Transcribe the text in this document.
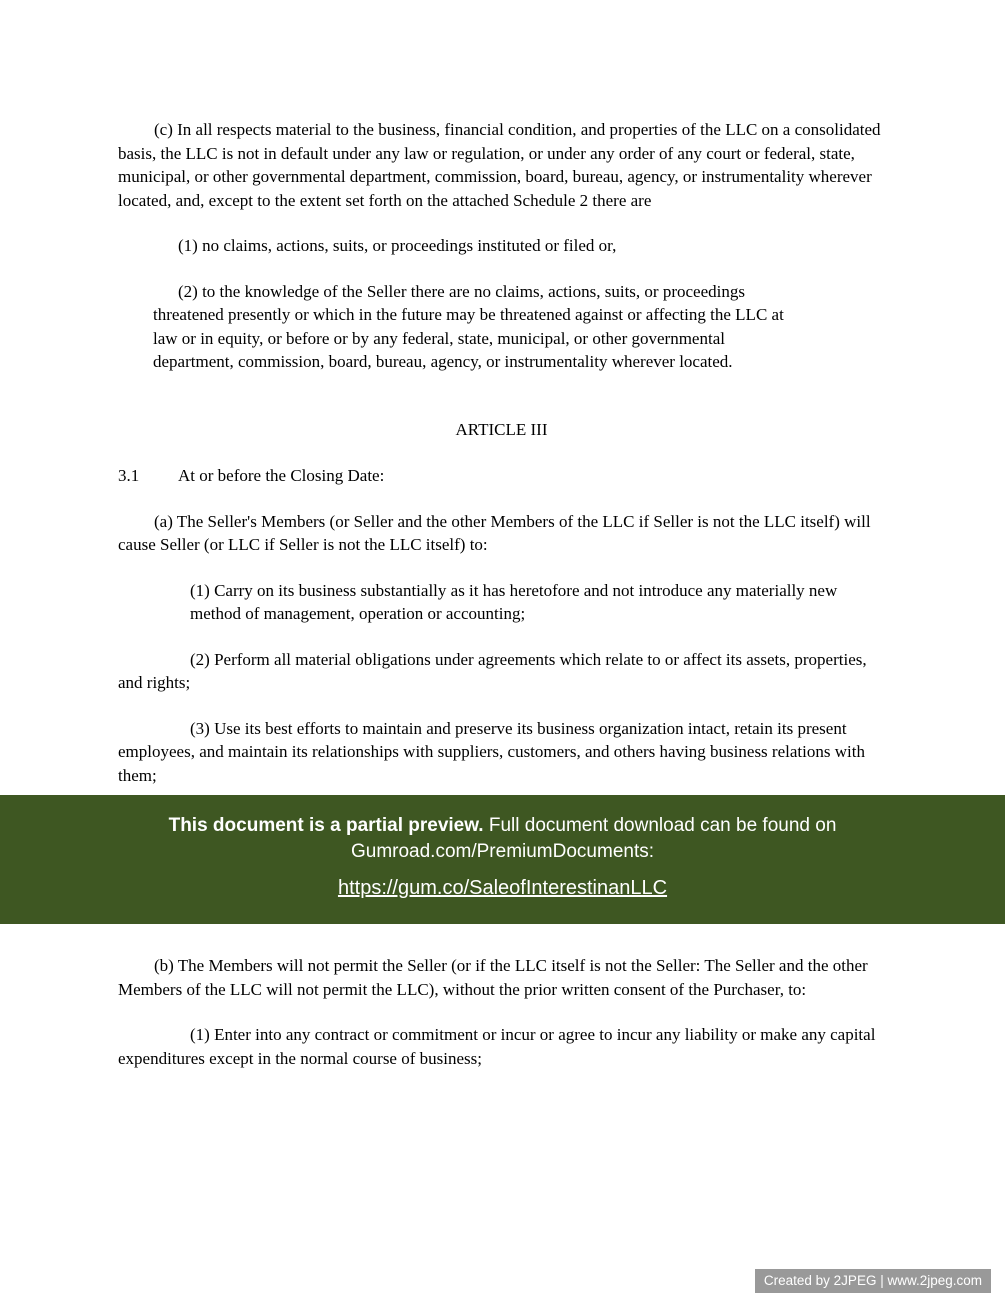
(c) In all respects material to the business, financial condition, and properties of the LLC on a consolidated basis, the LLC is not in default under any law or regulation, or under any order of any court or federal, state, municipal, or other governmental department, commission, board, bureau, agency, or instrumentality wherever located, and, except to the extent set forth on the attached Schedule 2 there are

(1) no claims, actions, suits, or proceedings instituted or filed or,

(2) to the knowledge of the Seller there are no claims, actions, suits, or proceedings threatened presently or which in the future may be threatened against or affecting the LLC at law or in equity, or before or by any federal, state, municipal, or other governmental department, commission, board, bureau, agency, or instrumentality wherever located.

ARTICLE III

3.1 At or before the Closing Date:

(a) The Seller's Members (or Seller and the other Members of the LLC if Seller is not the LLC itself) will cause Seller (or LLC if Seller is not the LLC itself) to:

(1) Carry on its business substantially as it has heretofore and not introduce any materially new method of management, operation or accounting;

(2) Perform all material obligations under agreements which relate to or affect its assets, properties, and rights;

(3) Use its best efforts to maintain and preserve its business organization intact, retain its present employees, and maintain its relationships with suppliers, customers, and others having business relations with them;

This document is a partial preview. Full document download can be found on
Gumroad.com/PremiumDocuments:
https://gum.co/SaleofInterestinanLLC

(b) The Members will not permit the Seller (or if the LLC itself is not the Seller: The Seller and the other Members of the LLC will not permit the LLC), without the prior written consent of the Purchaser, to:

(1) Enter into any contract or commitment or incur or agree to incur any liability or make any capital expenditures except in the normal course of business;

Created by 2JPEG | www.2jpeg.com
